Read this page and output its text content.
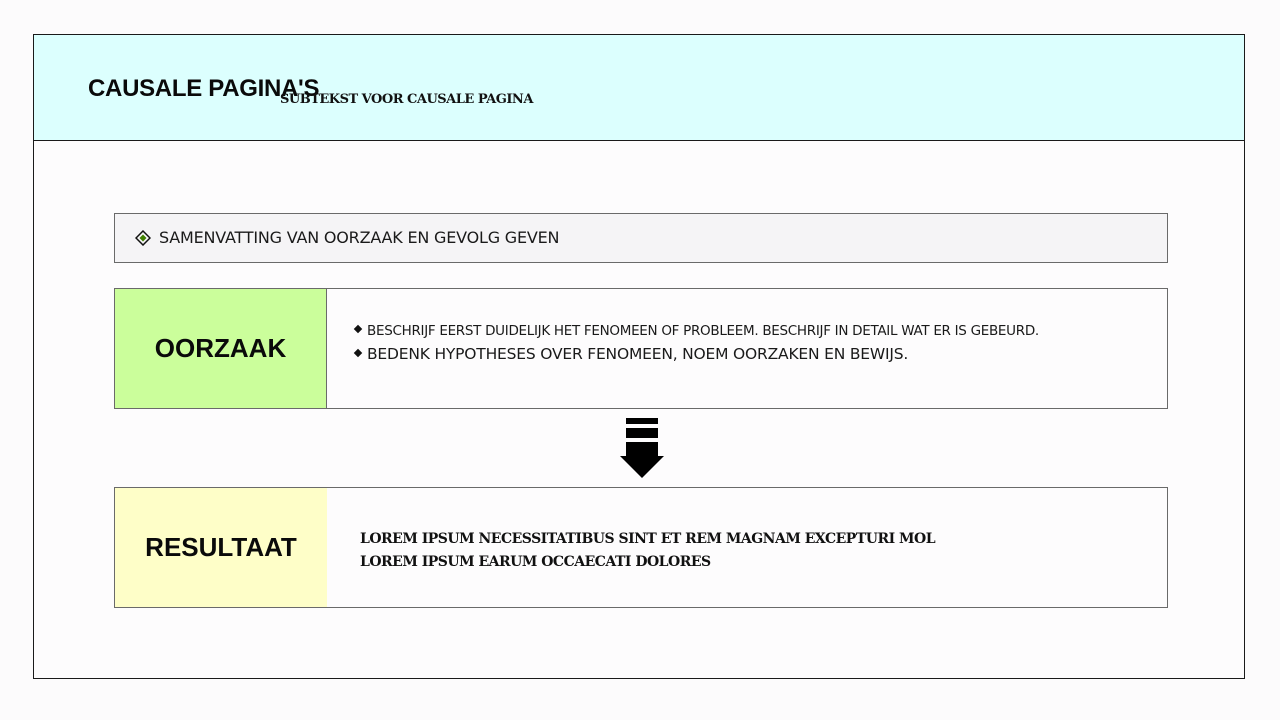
CAUSALE PAGINA'S
SUBTEKST VOOR CAUSALE PAGINA
SAMENVATTING VAN OORZAAK EN GEVOLG GEVEN
OORZAAK
BESCHRIJF EERST DUIDELIJK HET FENOMEEN OF PROBLEEM. BESCHRIJF IN DETAIL WAT ER IS GEBEURD.
BEDENK HYPOTHESES OVER FENOMEEN, NOEM OORZAKEN EN BEWIJS.
RESULTAAT	LOREM IPSUM NECESSITATIBUS SINT ET REM MAGNAM EXCEPTURI MOL
LOREM IPSUM EARUM OCCAECATI DOLORES
